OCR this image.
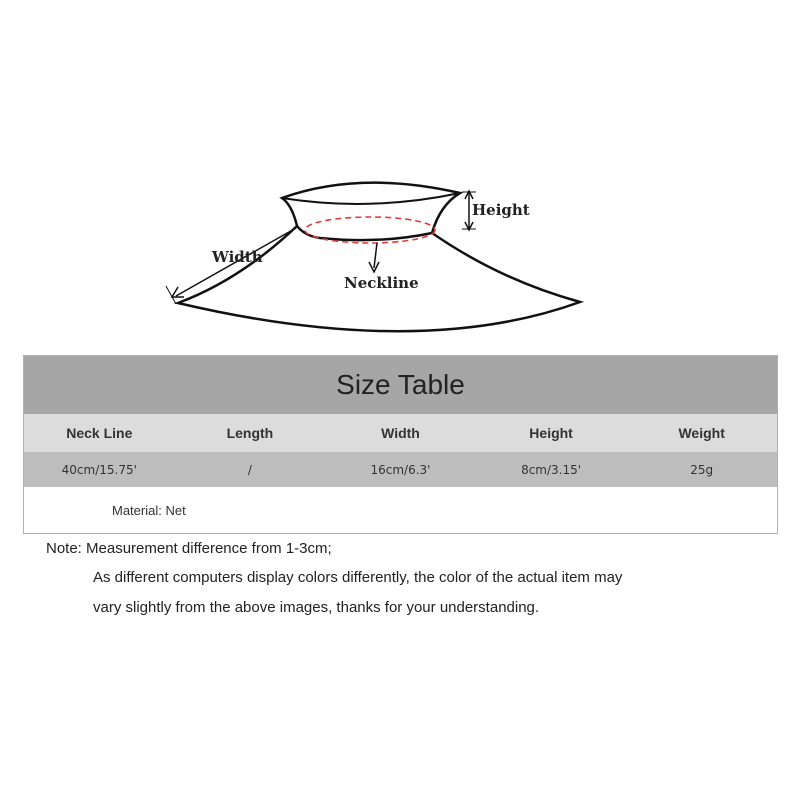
Height
Width
Neckline
Size Table
Neck Line	Length	Width	Height	Weight
40cm/15.75'	/	16cm/6.3'	8cm/3.15'	25g
Material: Net
Note: Measurement difference from 1-3cm;
As different computers display colors differently, the color of the actual item may
vary slightly from the above images, thanks for your understanding.
